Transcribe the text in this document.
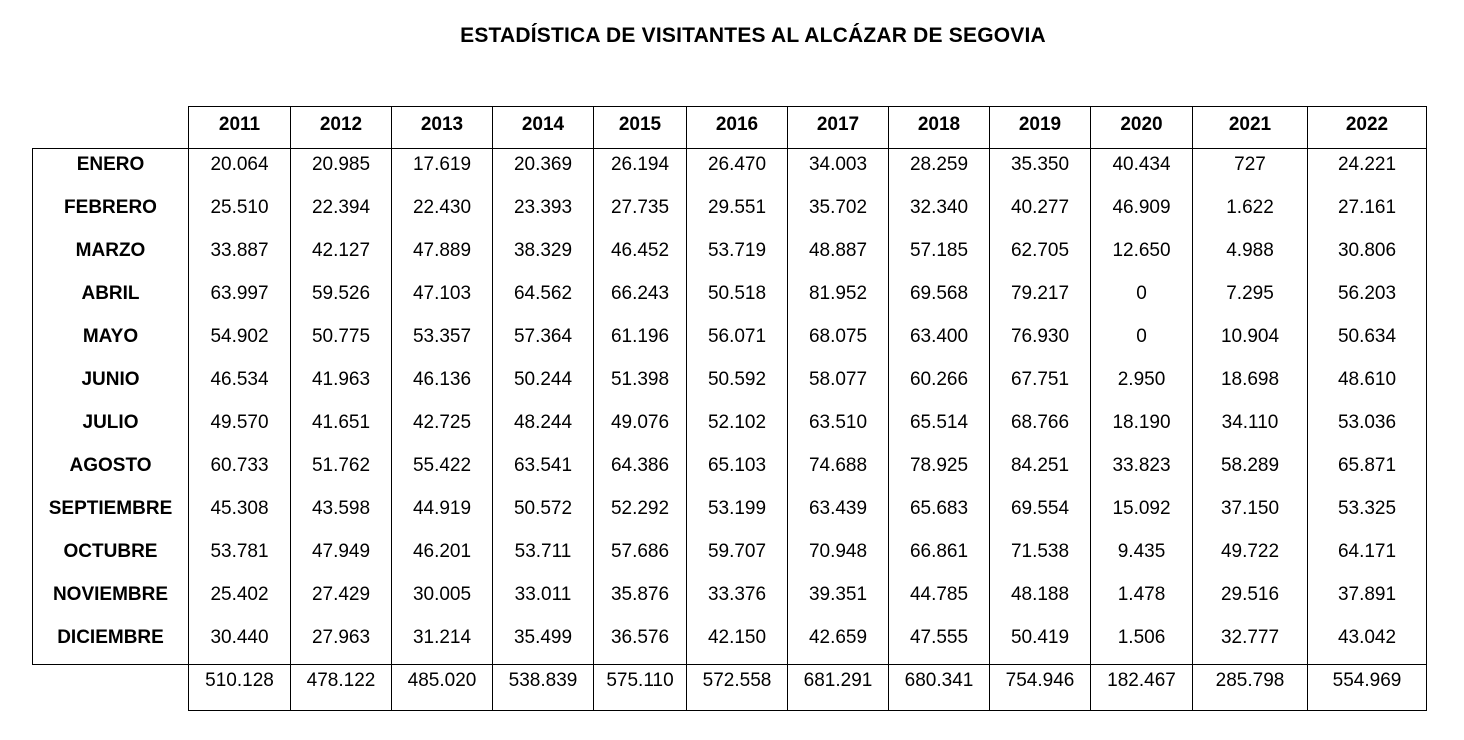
ESTADÍSTICA DE VISITANTES AL ALCÁZAR DE SEGOVIA
	2011	2012	2013	2014	2015	2016	2017	2018	2019	2020	2021	2022
ENERO	20.064	20.985	17.619	20.369	26.194	26.470	34.003	28.259	35.350	40.434	727	24.221
FEBRERO	25.510	22.394	22.430	23.393	27.735	29.551	35.702	32.340	40.277	46.909	1.622	27.161
MARZO	33.887	42.127	47.889	38.329	46.452	53.719	48.887	57.185	62.705	12.650	4.988	30.806
ABRIL	63.997	59.526	47.103	64.562	66.243	50.518	81.952	69.568	79.217	0	7.295	56.203
MAYO	54.902	50.775	53.357	57.364	61.196	56.071	68.075	63.400	76.930	0	10.904	50.634
JUNIO	46.534	41.963	46.136	50.244	51.398	50.592	58.077	60.266	67.751	2.950	18.698	48.610
JULIO	49.570	41.651	42.725	48.244	49.076	52.102	63.510	65.514	68.766	18.190	34.110	53.036
AGOSTO	60.733	51.762	55.422	63.541	64.386	65.103	74.688	78.925	84.251	33.823	58.289	65.871
SEPTIEMBRE	45.308	43.598	44.919	50.572	52.292	53.199	63.439	65.683	69.554	15.092	37.150	53.325
OCTUBRE	53.781	47.949	46.201	53.711	57.686	59.707	70.948	66.861	71.538	9.435	49.722	64.171
NOVIEMBRE	25.402	27.429	30.005	33.011	35.876	33.376	39.351	44.785	48.188	1.478	29.516	37.891
DICIEMBRE	30.440	27.963	31.214	35.499	36.576	42.150	42.659	47.555	50.419	1.506	32.777	43.042
	510.128	478.122	485.020	538.839	575.110	572.558	681.291	680.341	754.946	182.467	285.798	554.969
